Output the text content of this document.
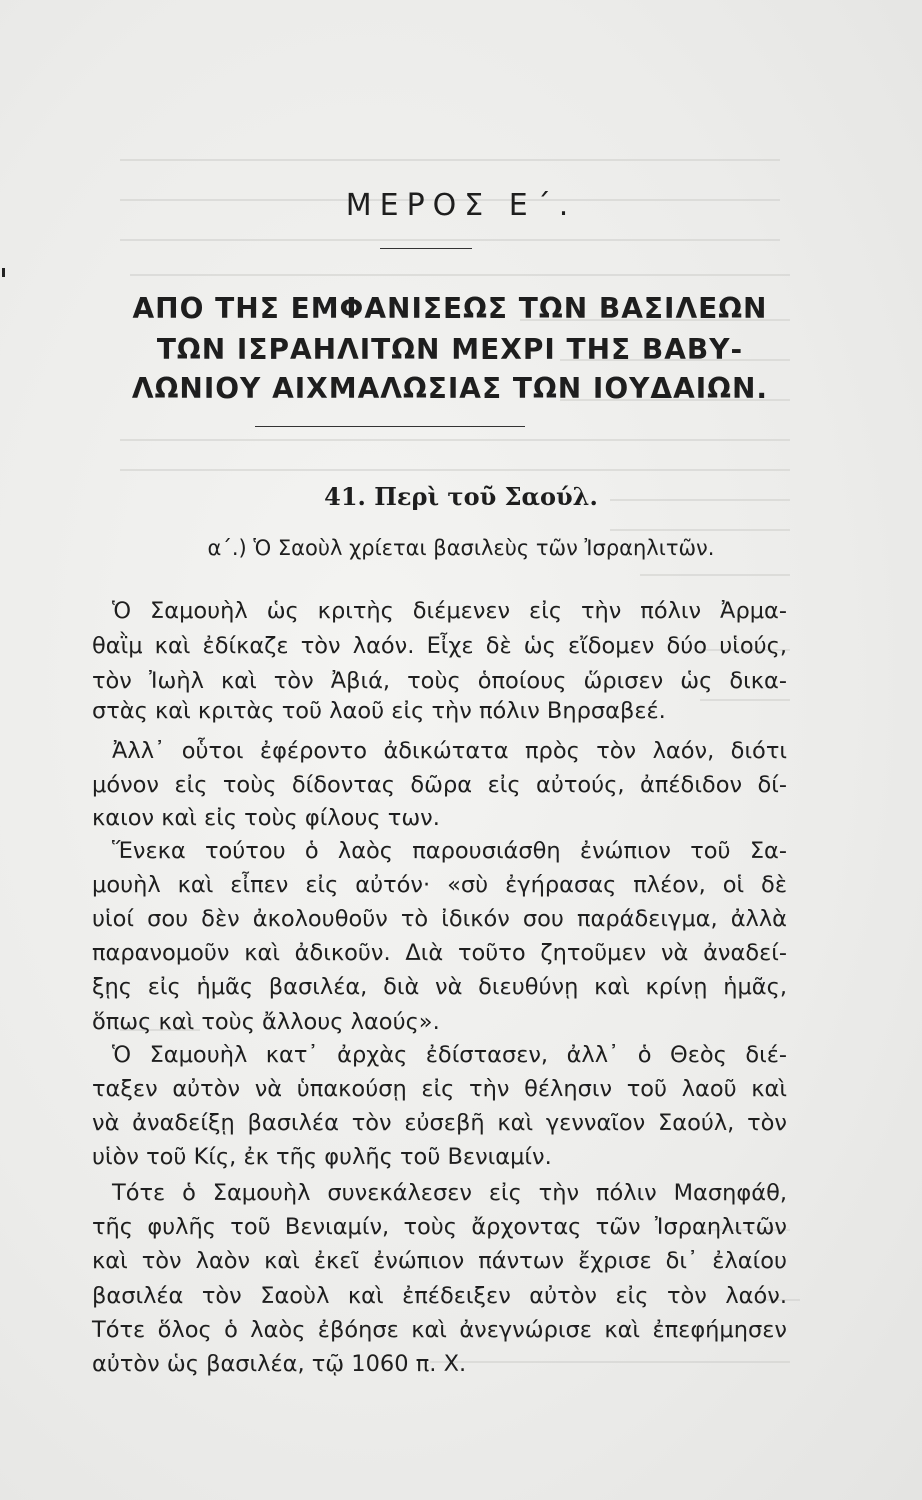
ΜΕΡΟΣ Ε΄.
ΑΠΟ ΤΗΣ ΕΜΦΑΝΙΣΕΩΣ ΤΩΝ ΒΑΣΙΛΕΩΝ
ΤΩΝ ΙΣΡΑΗΛΙΤΩΝ ΜΕΧΡΙ ΤΗΣ ΒΑΒΥ-
ΛΩΝΙΟΥ ΑΙΧΜΑΛΩΣΙΑΣ ΤΩΝ ΙΟΥΔΑΙΩΝ.
41. Περὶ τοῦ Σαούλ.
α΄.) Ὁ Σαοὺλ χρίεται βασιλεὺς τῶν Ἰσραηλιτῶν.
Ὁ Σαμουὴλ ὡς κριτὴς διέμενεν εἰς τὴν πόλιν Ἀρμα-
θαῒμ καὶ ἐδίκαζε τὸν λαόν. Εἶχε δὲ ὡς εἴδομεν δύο υἱούς,
τὸν Ἰωὴλ καὶ τὸν Ἀβιά, τοὺς ὁποίους ὥρισεν ὡς δικα-
στὰς καὶ κριτὰς τοῦ λαοῦ εἰς τὴν πόλιν Βηρσαβεέ.
Ἀλλ᾽ οὗτοι ἐφέροντο ἀδικώτατα πρὸς τὸν λαόν, διότι
μόνον εἰς τοὺς δίδοντας δῶρα εἰς αὐτούς, ἀπέδιδον δί-
καιον καὶ εἰς τοὺς φίλους των.
Ἕνεκα τούτου ὁ λαὸς παρουσιάσθη ἐνώπιον τοῦ Σα-
μουὴλ καὶ εἶπεν εἰς αὐτόν· «σὺ ἐγήρασας πλέον, οἱ δὲ
υἱοί σου δὲν ἀκολουθοῦν τὸ ἰδικόν σου παράδειγμα, ἀλλὰ
παρανομοῦν καὶ ἀδικοῦν. Διὰ τοῦτο ζητοῦμεν νὰ ἀναδεί-
ξῃς εἰς ἡμᾶς βασιλέα, διὰ νὰ διευθύνῃ καὶ κρίνῃ ἡμᾶς,
ὅπως καὶ τοὺς ἄλλους λαούς».
Ὁ Σαμουὴλ κατ᾽ ἀρχὰς ἐδίστασεν, ἀλλ᾽ ὁ Θεὸς διέ-
ταξεν αὐτὸν νὰ ὑπακούσῃ εἰς τὴν θέλησιν τοῦ λαοῦ καὶ
νὰ ἀναδείξῃ βασιλέα τὸν εὐσεβῆ καὶ γενναῖον Σαούλ, τὸν
υἱὸν τοῦ Κίς, ἐκ τῆς φυλῆς τοῦ Βενιαμίν.
Τότε ὁ Σαμουὴλ συνεκάλεσεν εἰς τὴν πόλιν Μασηφάθ,
τῆς φυλῆς τοῦ Βενιαμίν, τοὺς ἄρχοντας τῶν Ἰσραηλιτῶν
καὶ τὸν λαὸν καὶ ἐκεῖ ἐνώπιον πάντων ἔχρισε δι᾽ ἐλαίου
βασιλέα τὸν Σαοὺλ καὶ ἐπέδειξεν αὐτὸν εἰς τὸν λαόν.
Τότε ὅλος ὁ λαὸς ἐβόησε καὶ ἀνεγνώρισε καὶ ἐπεφήμησεν
αὐτὸν ὡς βασιλέα, τῷ 1060 π. Χ.
